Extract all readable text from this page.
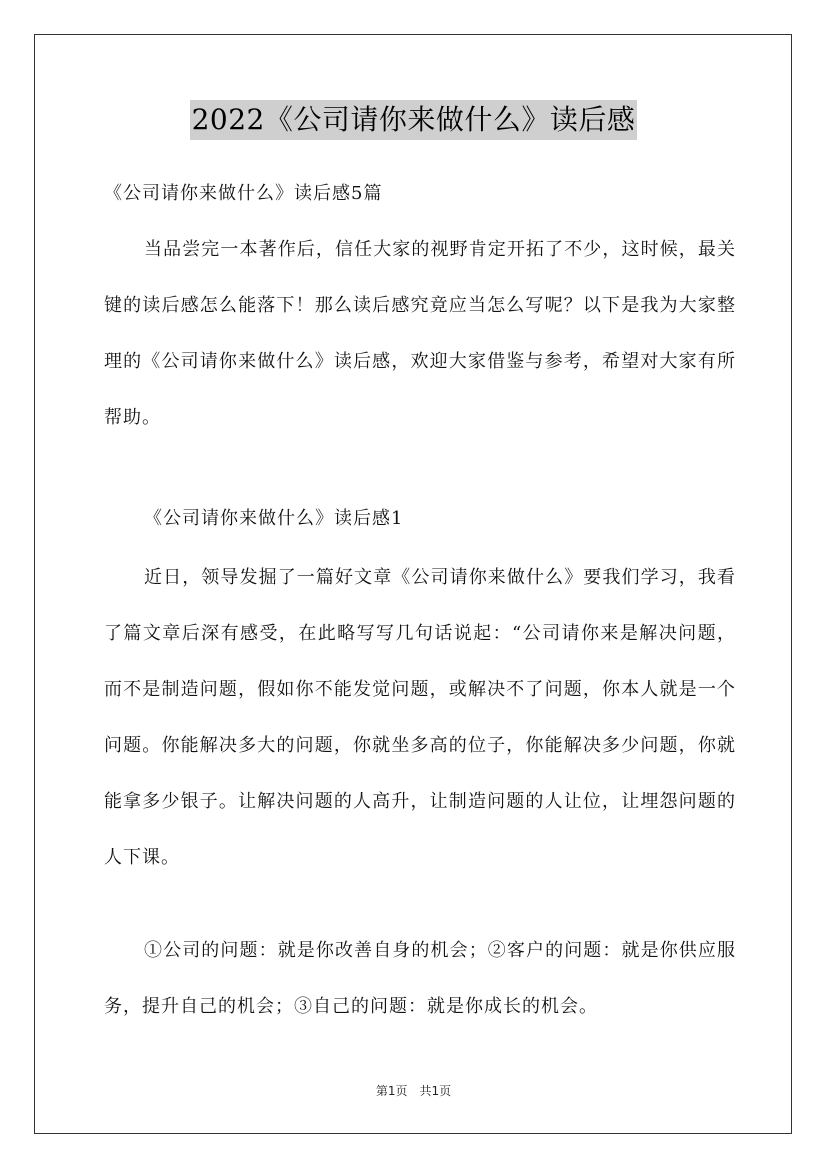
2022《公司请你来做什么》读后感
《公司请你来做什么》读后感5篇
当品尝完一本著作后，信任大家的视野肯定开拓了不少，这时候，最关键的读后感怎么能落下！那么读后感究竟应当怎么写呢？以下是我为大家整理的《公司请你来做什么》读后感，欢迎大家借鉴与参考，希望对大家有所帮助。
《公司请你来做什么》读后感1
近日，领导发掘了一篇好文章《公司请你来做什么》要我们学习，我看了篇文章后深有感受，在此略写写几句话说起：“公司请你来是解决问题，而不是制造问题，假如你不能发觉问题，或解决不了问题，你本人就是一个问题。你能解决多大的问题，你就坐多高的位子，你能解决多少问题，你就能拿多少银子。让解决问题的人高升，让制造问题的人让位，让埋怨问题的人下课。
①公司的问题：就是你改善自身的机会；②客户的问题：就是你供应服务，提升自己的机会；③自己的问题：就是你成长的机会。
第1页　共1页
